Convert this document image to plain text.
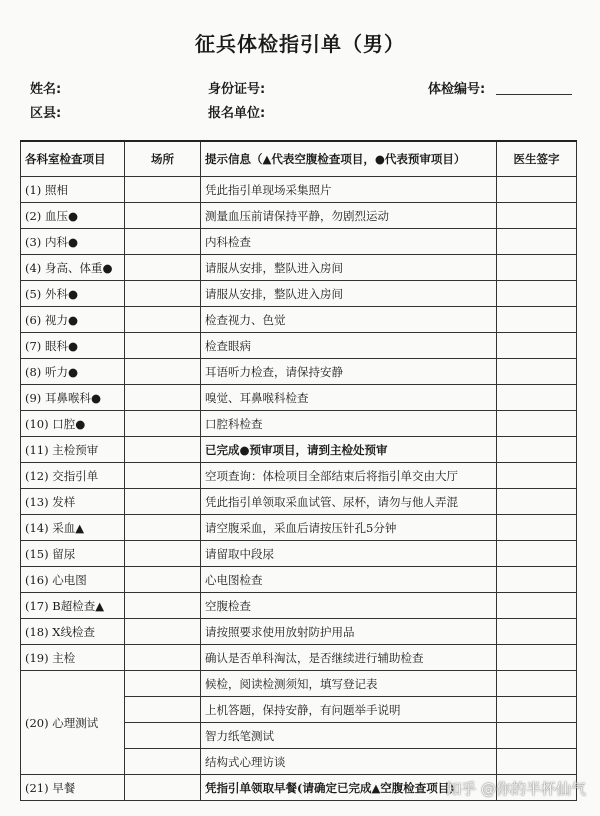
征兵体检指引单（男）
姓名:	身份证号:	体检编号:
区县:	报名单位:
各科室检查项目	场所	提示信息（▲代表空腹检查项目，●代表预审项目）	医生签字
(1) 照相		凭此指引单现场采集照片	
(2) 血压●		测量血压前请保持平静，勿剧烈运动	
(3) 内科●		内科检查	
(4) 身高、体重●		请服从安排，整队进入房间	
(5) 外科●		请服从安排，整队进入房间	
(6) 视力●		检查视力、色觉	
(7) 眼科●		检查眼病	
(8) 听力●		耳语听力检查，请保持安静	
(9) 耳鼻喉科●		嗅觉、耳鼻喉科检查	
(10) 口腔●		口腔科检查	
(11) 主检预审		已完成●预审项目，请到主检处预审	
(12) 交指引单		空项查询：体检项目全部结束后将指引单交由大厅	
(13) 发样		凭此指引单领取采血试管、尿杯，请勿与他人弄混	
(14) 采血▲		请空腹采血，采血后请按压针孔5分钟	
(15) 留尿		请留取中段尿	
(16) 心电图		心电图检查	
(17) B超检查▲		空腹检查	
(18) X线检查		请按照要求使用放射防护用品	
(19) 主检		确认是否单科淘汰，是否继续进行辅助检查	
(20) 心理测试		候检，阅读检测须知，填写登记表	
		上机答题，保持安静，有问题举手说明	
		智力纸笔测试	
		结构式心理访谈	
(21) 早餐		凭指引单领取早餐(请确定已完成▲空腹检查项目)	
知乎 @你的半杯仙气
